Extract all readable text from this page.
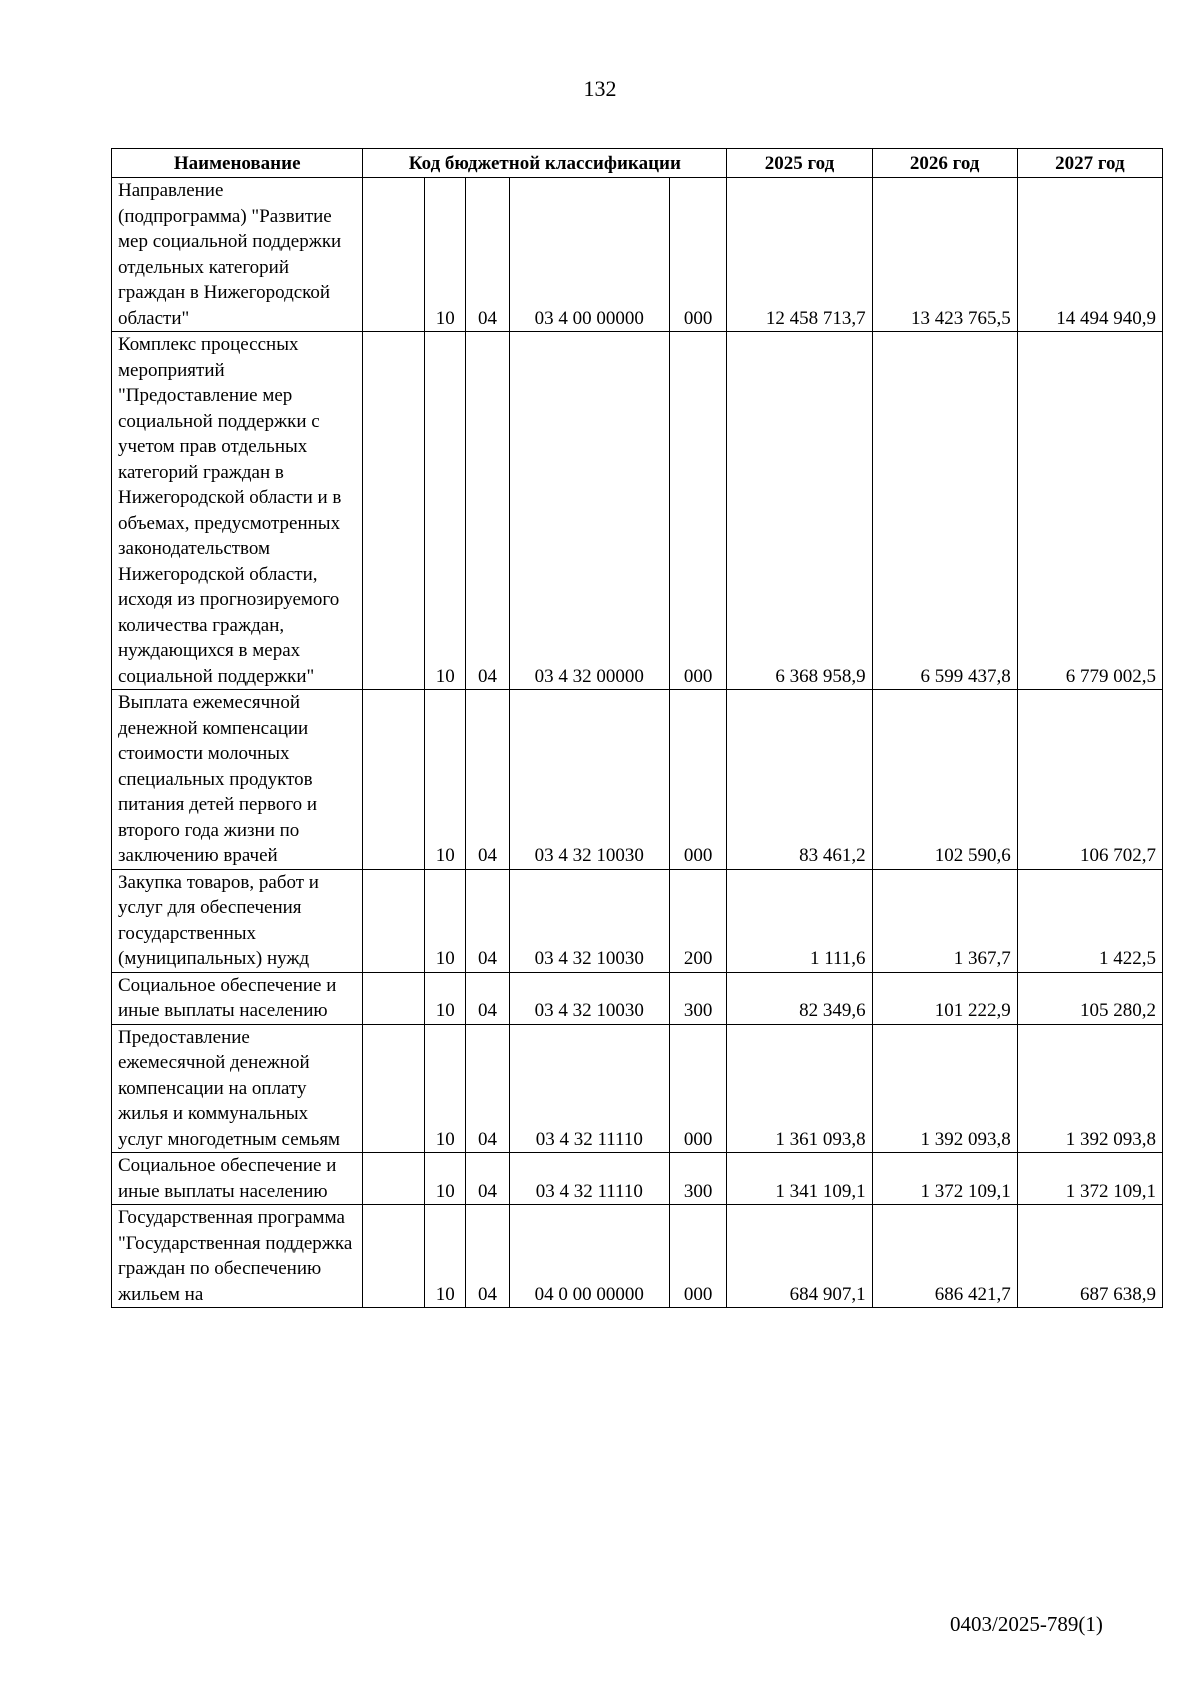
132
Наименование	Код бюджетной классификации					2025 год	2026 год	2027 год
Направление (подпрограмма) "Развитие мер социальной поддержки отдельных категорий граждан в Нижегородской области"		10	04	03 4 00 00000	000	12 458 713,7	13 423 765,5	14 494 940,9
Комплекс процессных мероприятий "Предоставление мер социальной поддержки с учетом прав отдельных категорий граждан в Нижегородской области и в объемах, предусмотренных законодательством Нижегородской области, исходя из прогнозируемого количества граждан, нуждающихся в мерах социальной поддержки"		10	04	03 4 32 00000	000	6 368 958,9	6 599 437,8	6 779 002,5
Выплата ежемесячной денежной компенсации стоимости молочных специальных продуктов питания детей первого и второго года жизни по заключению врачей		10	04	03 4 32 10030	000	83 461,2	102 590,6	106 702,7
Закупка товаров, работ и услуг для обеспечения государственных (муниципальных) нужд		10	04	03 4 32 10030	200	1 111,6	1 367,7	1 422,5
Социальное обеспечение и иные выплаты населению		10	04	03 4 32 10030	300	82 349,6	101 222,9	105 280,2
Предоставление ежемесячной денежной компенсации на оплату жилья и коммунальных услуг многодетным семьям		10	04	03 4 32 11110	000	1 361 093,8	1 392 093,8	1 392 093,8
Социальное обеспечение и иные выплаты населению		10	04	03 4 32 11110	300	1 341 109,1	1 372 109,1	1 372 109,1
Государственная программа "Государственная поддержка граждан по обеспечению жильем на		10	04	04 0 00 00000	000	684 907,1	686 421,7	687 638,9
0403/2025-789(1)
